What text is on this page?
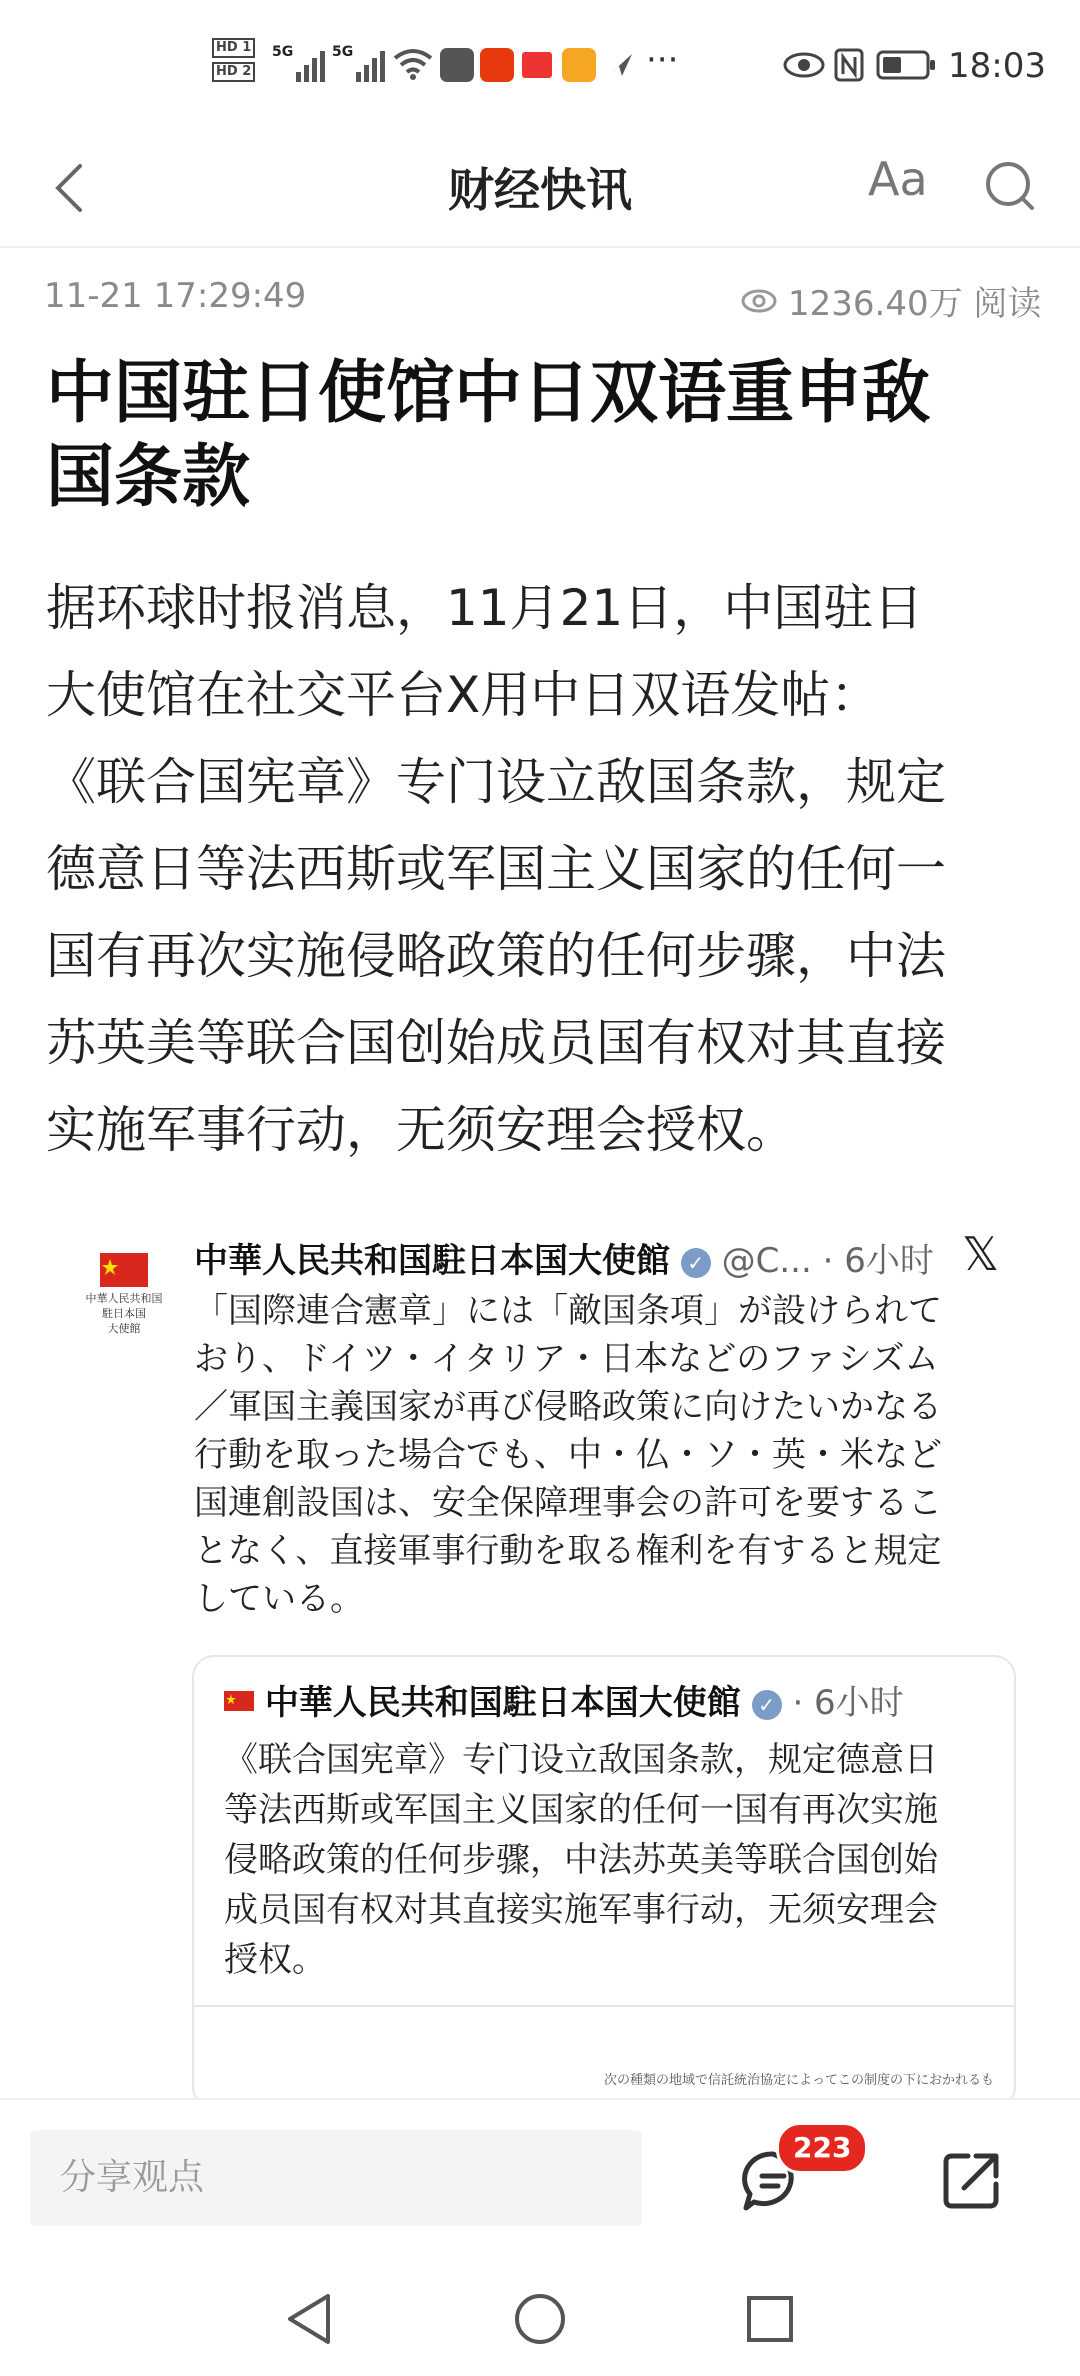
HD 1
HD 2
5G	5G	···	18:03
财经快讯	Aa
11-21 17:29:49	1236.40万 阅读
中国驻日使馆中日双语重申敌
国条款
据环球时报消息，11月21日，中国驻日
大使馆在社交平台X用中日双语发帖：
《联合国宪章》专门设立敌国条款，规定
德意日等法西斯或军国主义国家的任何一
国有再次实施侵略政策的任何步骤，中法
苏英美等联合国创始成员国有权对其直接
实施军事行动，无须安理会授权。
中華人民共和国
駐日本国
大使館
中華人民共和国駐日本国大使館 ✓ @C... · 6小时 𝕏
「国際連合憲章」には「敵国条項」が設けられて
おり、ドイツ・イタリア・日本などのファシズム
／軍国主義国家が再び侵略政策に向けたいかなる
行動を取った場合でも、中・仏・ソ・英・米など
国連創設国は、安全保障理事会の許可を要するこ
となく、直接軍事行動を取る権利を有すると規定
している。
中華人民共和国駐日本国大使館 ✓ · 6小时
《联合国宪章》专门设立敌国条款，规定德意日
等法西斯或军国主义国家的任何一国有再次实施
侵略政策的任何步骤，中法苏英美等联合国创始
成员国有权对其直接实施军事行动，无须安理会
授权。
次の種類の地域で信託統治協定によってこの制度の下におかれるも
分享观点
223
